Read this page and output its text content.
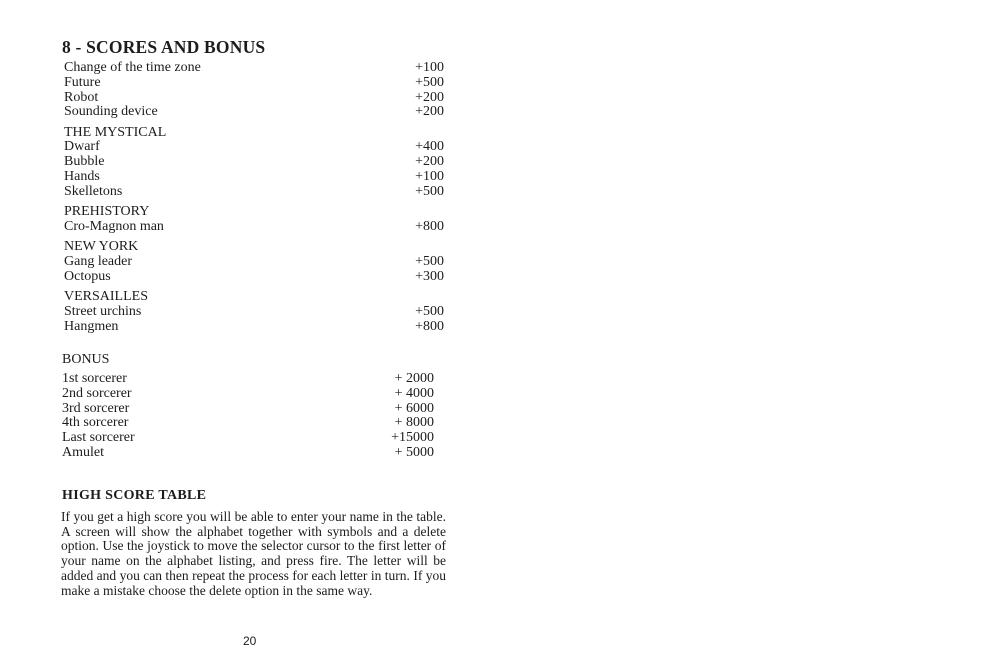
8 - SCORES AND BONUS
Change of the time zone	+100
Future	+500
Robot	+200
Sounding device	+200
THE MYSTICAL
Dwarf	+400
Bubble	+200
Hands	+100
Skelletons	+500
PREHISTORY
Cro-Magnon man	+800
NEW YORK
Gang leader	+500
Octopus	+300
VERSAILLES
Street urchins	+500
Hangmen	+800
BONUS
1st sorcerer	+ 2000
2nd sorcerer	+ 4000
3rd sorcerer	+ 6000
4th sorcerer	+ 8000
Last sorcerer	+15000
Amulet	+ 5000
HIGH SCORE TABLE

If you get a high score you will be able to enter your name in the table. A screen will show the alphabet together with symbols and a delete option. Use the joystick to move the selector cursor to the first letter of your name on the alphabet listing, and press fire. The letter will be added and you can then repeat the process for each letter in turn. If you make a mistake choose the delete option in the same way.

20
